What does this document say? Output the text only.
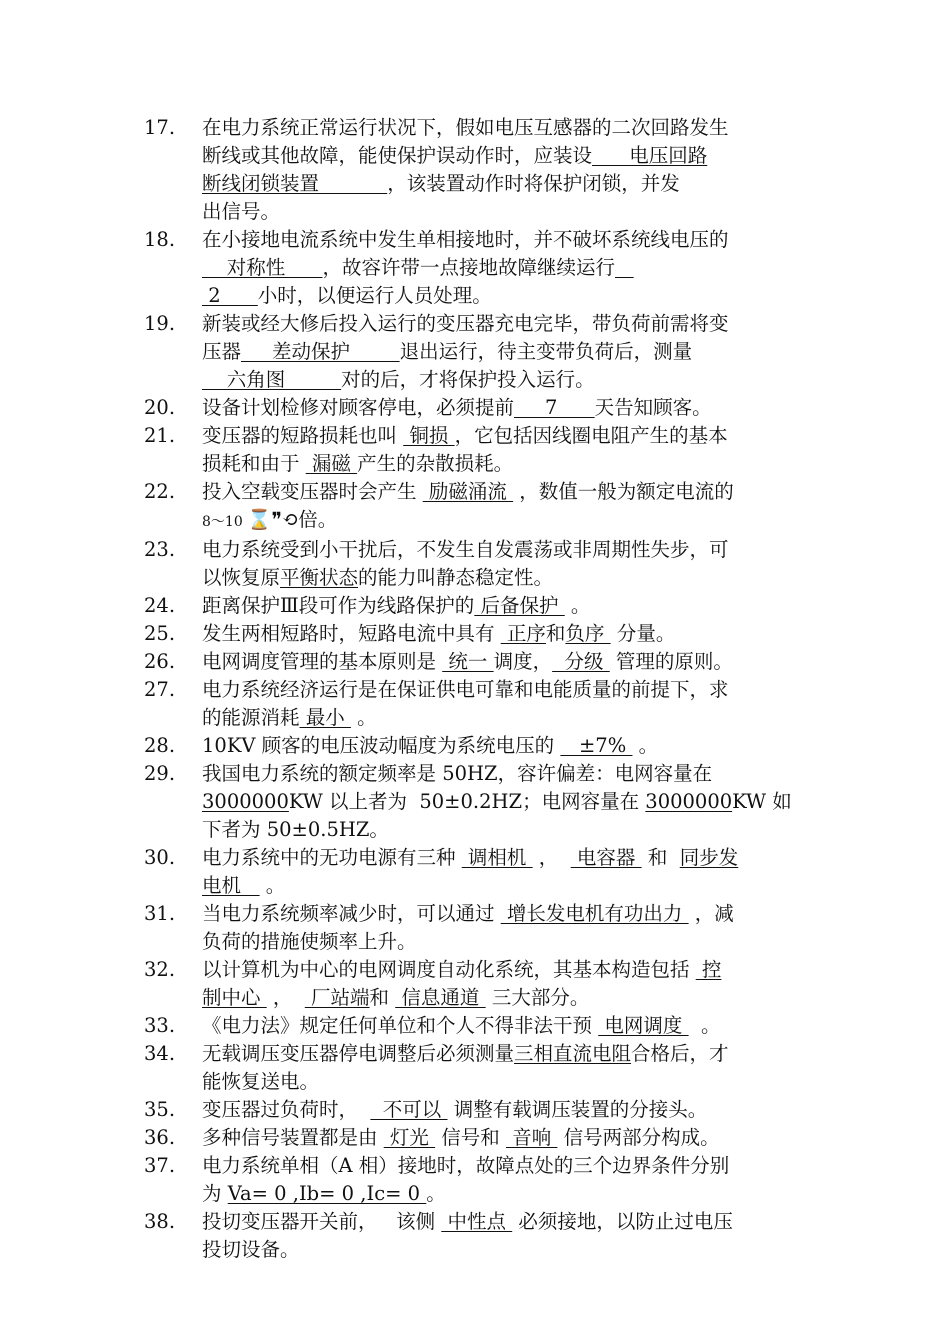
17.	在电力系统正常运行状况下，假如电压互感器的二次回路发生
断线或其他故障，能使保护误动作时，应装设      电压回路
断线闭锁装置           ，该装置动作时将保护闭锁，并发
出信号。
18.	在小接地电流系统中发生单相接地时，并不破坏系统线电压的
对称性      ，故容许带一点接地故障继续运行
2      小时，以便运行人员处理。
19.	新装或经大修后投入运行的变压器充电完毕，带负荷前需将变
压器     差动保护        退出运行，待主变带负荷后，测量
六角图         对的后，才将保护投入运行。
20.	设备计划检修对顾客停电，必须提前     7      天告知顾客。
21.	变压器的短路损耗也叫  铜损 ，它包括因线圈电阻产生的基本
损耗和由于  漏磁 产生的杂散损耗。
22.	投入空载变压器时会产生  励磁涌流  ，数值一般为额定电流的
8～10 ⌛❞⟲倍。
23.	电力系统受到小干扰后，不发生自发震荡或非周期性失步，可
以恢复原平衡状态的能力叫静态稳定性。
24.	距离保护Ⅲ段可作为线路保护的 后备保护  。
25.	发生两相短路时，短路电流中具有  正序和负序  分量。
26.	电网调度管理的基本原则是  统一 调度，  分级  管理的原则。
27.	电力系统经济运行是在保证供电可靠和电能质量的前提下，求
的能源消耗 最小  。
28.	10KV 顾客的电压波动幅度为系统电压的    ±7%  。
29.	我国电力系统的额定频率是 50HZ，容许偏差：电网容量在
3000000KW 以上者为  50±0.2HZ；电网容量在 3000000KW 如
下者为 50±0.5HZ。
30.	电力系统中的无功电源有三种  调相机  ，   电容器  和  同步发
电机    。
31.	当电力系统频率减少时，可以通过  增长发电机有功出力  ，减
负荷的措施使频率上升。
32.	以计算机为中心的电网调度自动化系统，其基本构造包括  控
制中心  ，   厂站端和  信息通道  三大部分。
33.	《电力法》规定任何单位和个人不得非法干预  电网调度   。
34.	无载调压变压器停电调整后必须测量三相直流电阻合格后，才
能恢复送电。
35.	变压器过负荷时，    不可以  调整有载调压装置的分接头。
36.	多种信号装置都是由  灯光  信号和  音响  信号两部分构成。
37.	电力系统单相（A 相）接地时，故障点处的三个边界条件分别
为 Va= 0 ,Ib= 0 ,Ic= 0 。
38.	投切变压器开关前，   该侧  中性点  必须接地，以防止过电压
投切设备。
